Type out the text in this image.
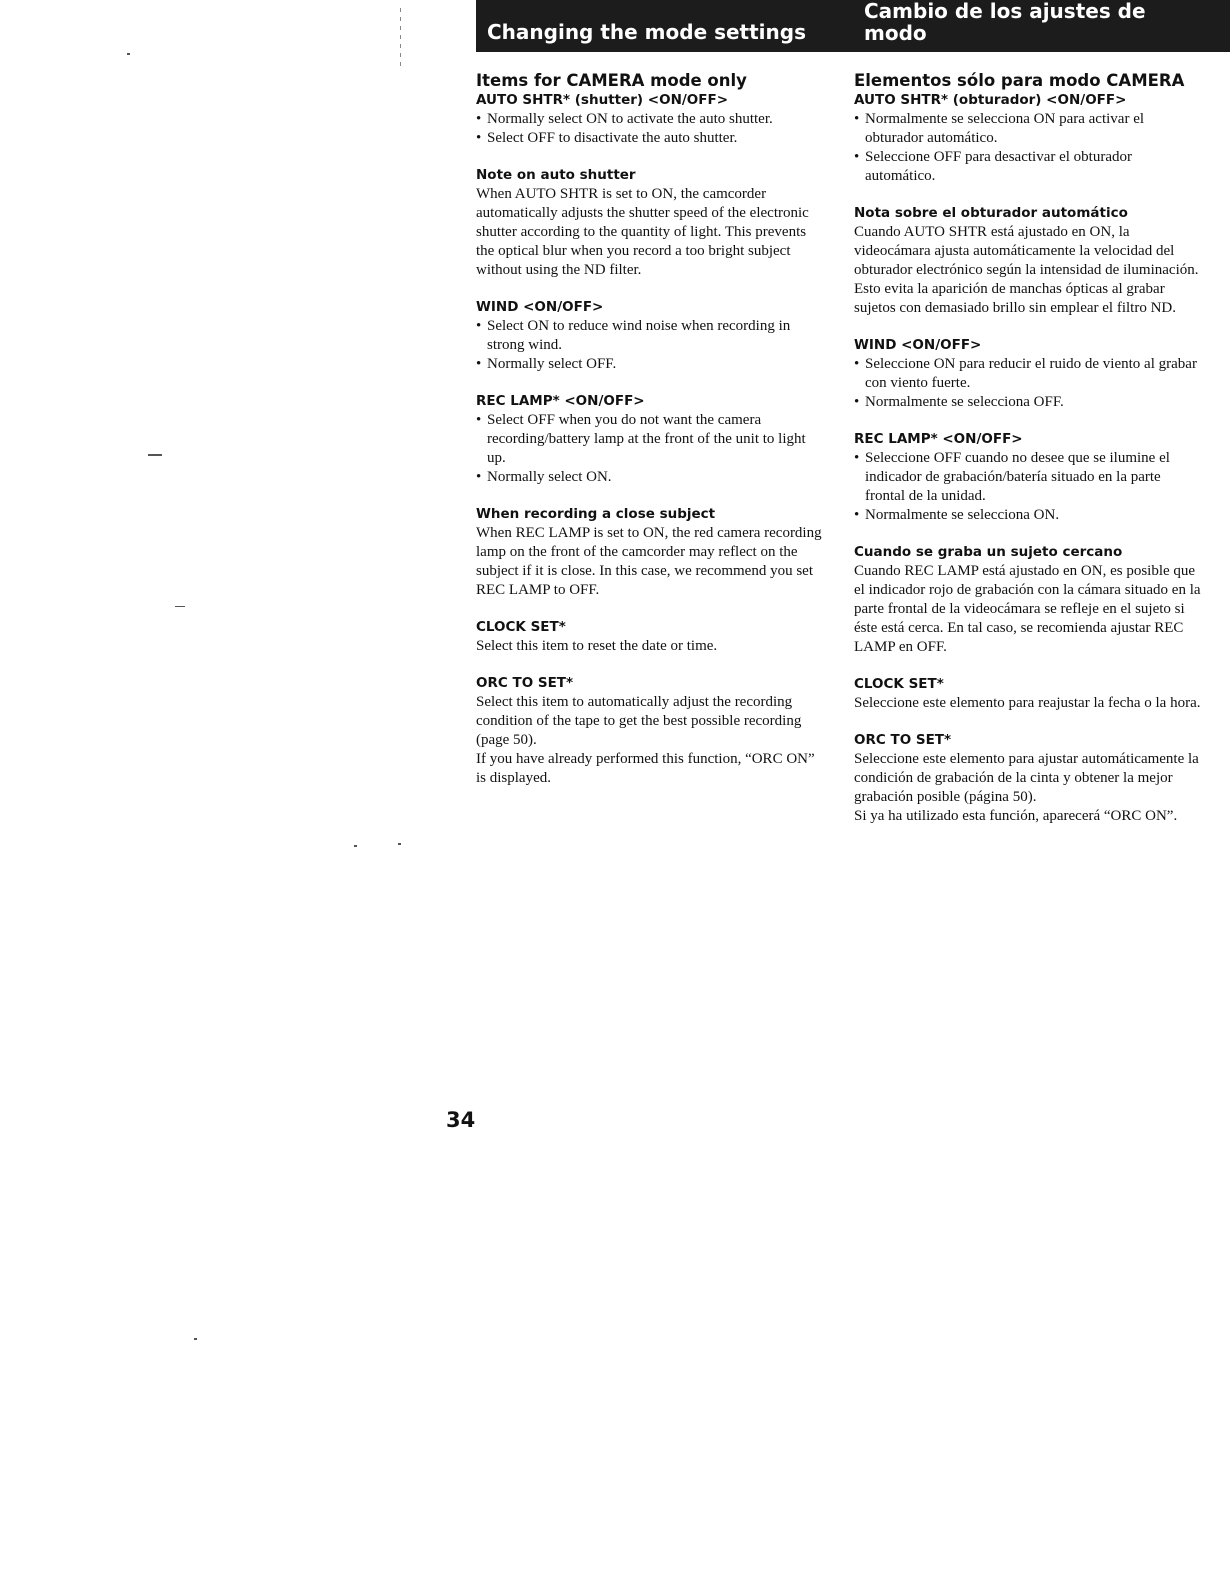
Changing the mode settings
Cambio de los ajustes de modo
Items for CAMERA mode only
AUTO SHTR* (shutter) <ON/OFF>
• Normally select ON to activate the auto shutter.
• Select OFF to disactivate the auto shutter.
Note on auto shutter

When AUTO SHTR is set to ON, the camcorder automatically adjusts the shutter speed of the electronic shutter according to the quantity of light. This prevents the optical blur when you record a too bright subject without using the ND filter.

WIND <ON/OFF>
• Select ON to reduce wind noise when recording in strong wind.
• Normally select OFF.
REC LAMP* <ON/OFF>
• Select OFF when you do not want the camera recording/battery lamp at the front of the unit to light up.
• Normally select ON.
When recording a close subject

When REC LAMP is set to ON, the red camera recording lamp on the front of the camcorder may reflect on the subject if it is close. In this case, we recommend you set REC LAMP to OFF.

CLOCK SET*

Select this item to reset the date or time.

ORC TO SET*

Select this item to automatically adjust the recording condition of the tape to get the best possible recording (page 50).

If you have already performed this function, “ORC ON” is displayed.

Elementos sólo para modo CAMERA
AUTO SHTR* (obturador) <ON/OFF>
• Normalmente se selecciona ON para activar el obturador automático.
• Seleccione OFF para desactivar el obturador automático.
Nota sobre el obturador automático

Cuando AUTO SHTR está ajustado en ON, la videocámara ajusta automáticamente la velocidad del obturador electrónico según la intensidad de iluminación. Esto evita la aparición de manchas ópticas al grabar sujetos con demasiado brillo sin emplear el filtro ND.

WIND <ON/OFF>
• Seleccione ON para reducir el ruido de viento al grabar con viento fuerte.
• Normalmente se selecciona OFF.
REC LAMP* <ON/OFF>
• Seleccione OFF cuando no desee que se ilumine el indicador de grabación/batería situado en la parte frontal de la unidad.
• Normalmente se selecciona ON.
Cuando se graba un sujeto cercano

Cuando REC LAMP está ajustado en ON, es posible que el indicador rojo de grabación con la cámara situado en la parte frontal de la videocámara se refleje en el sujeto si éste está cerca. En tal caso, se recomienda ajustar REC LAMP en OFF.

CLOCK SET*

Seleccione este elemento para reajustar la fecha o la hora.

ORC TO SET*

Seleccione este elemento para ajustar automáticamente la condición de grabación de la cinta y obtener la mejor grabación posible (página 50).

Si ya ha utilizado esta función, aparecerá “ORC ON”.

34
